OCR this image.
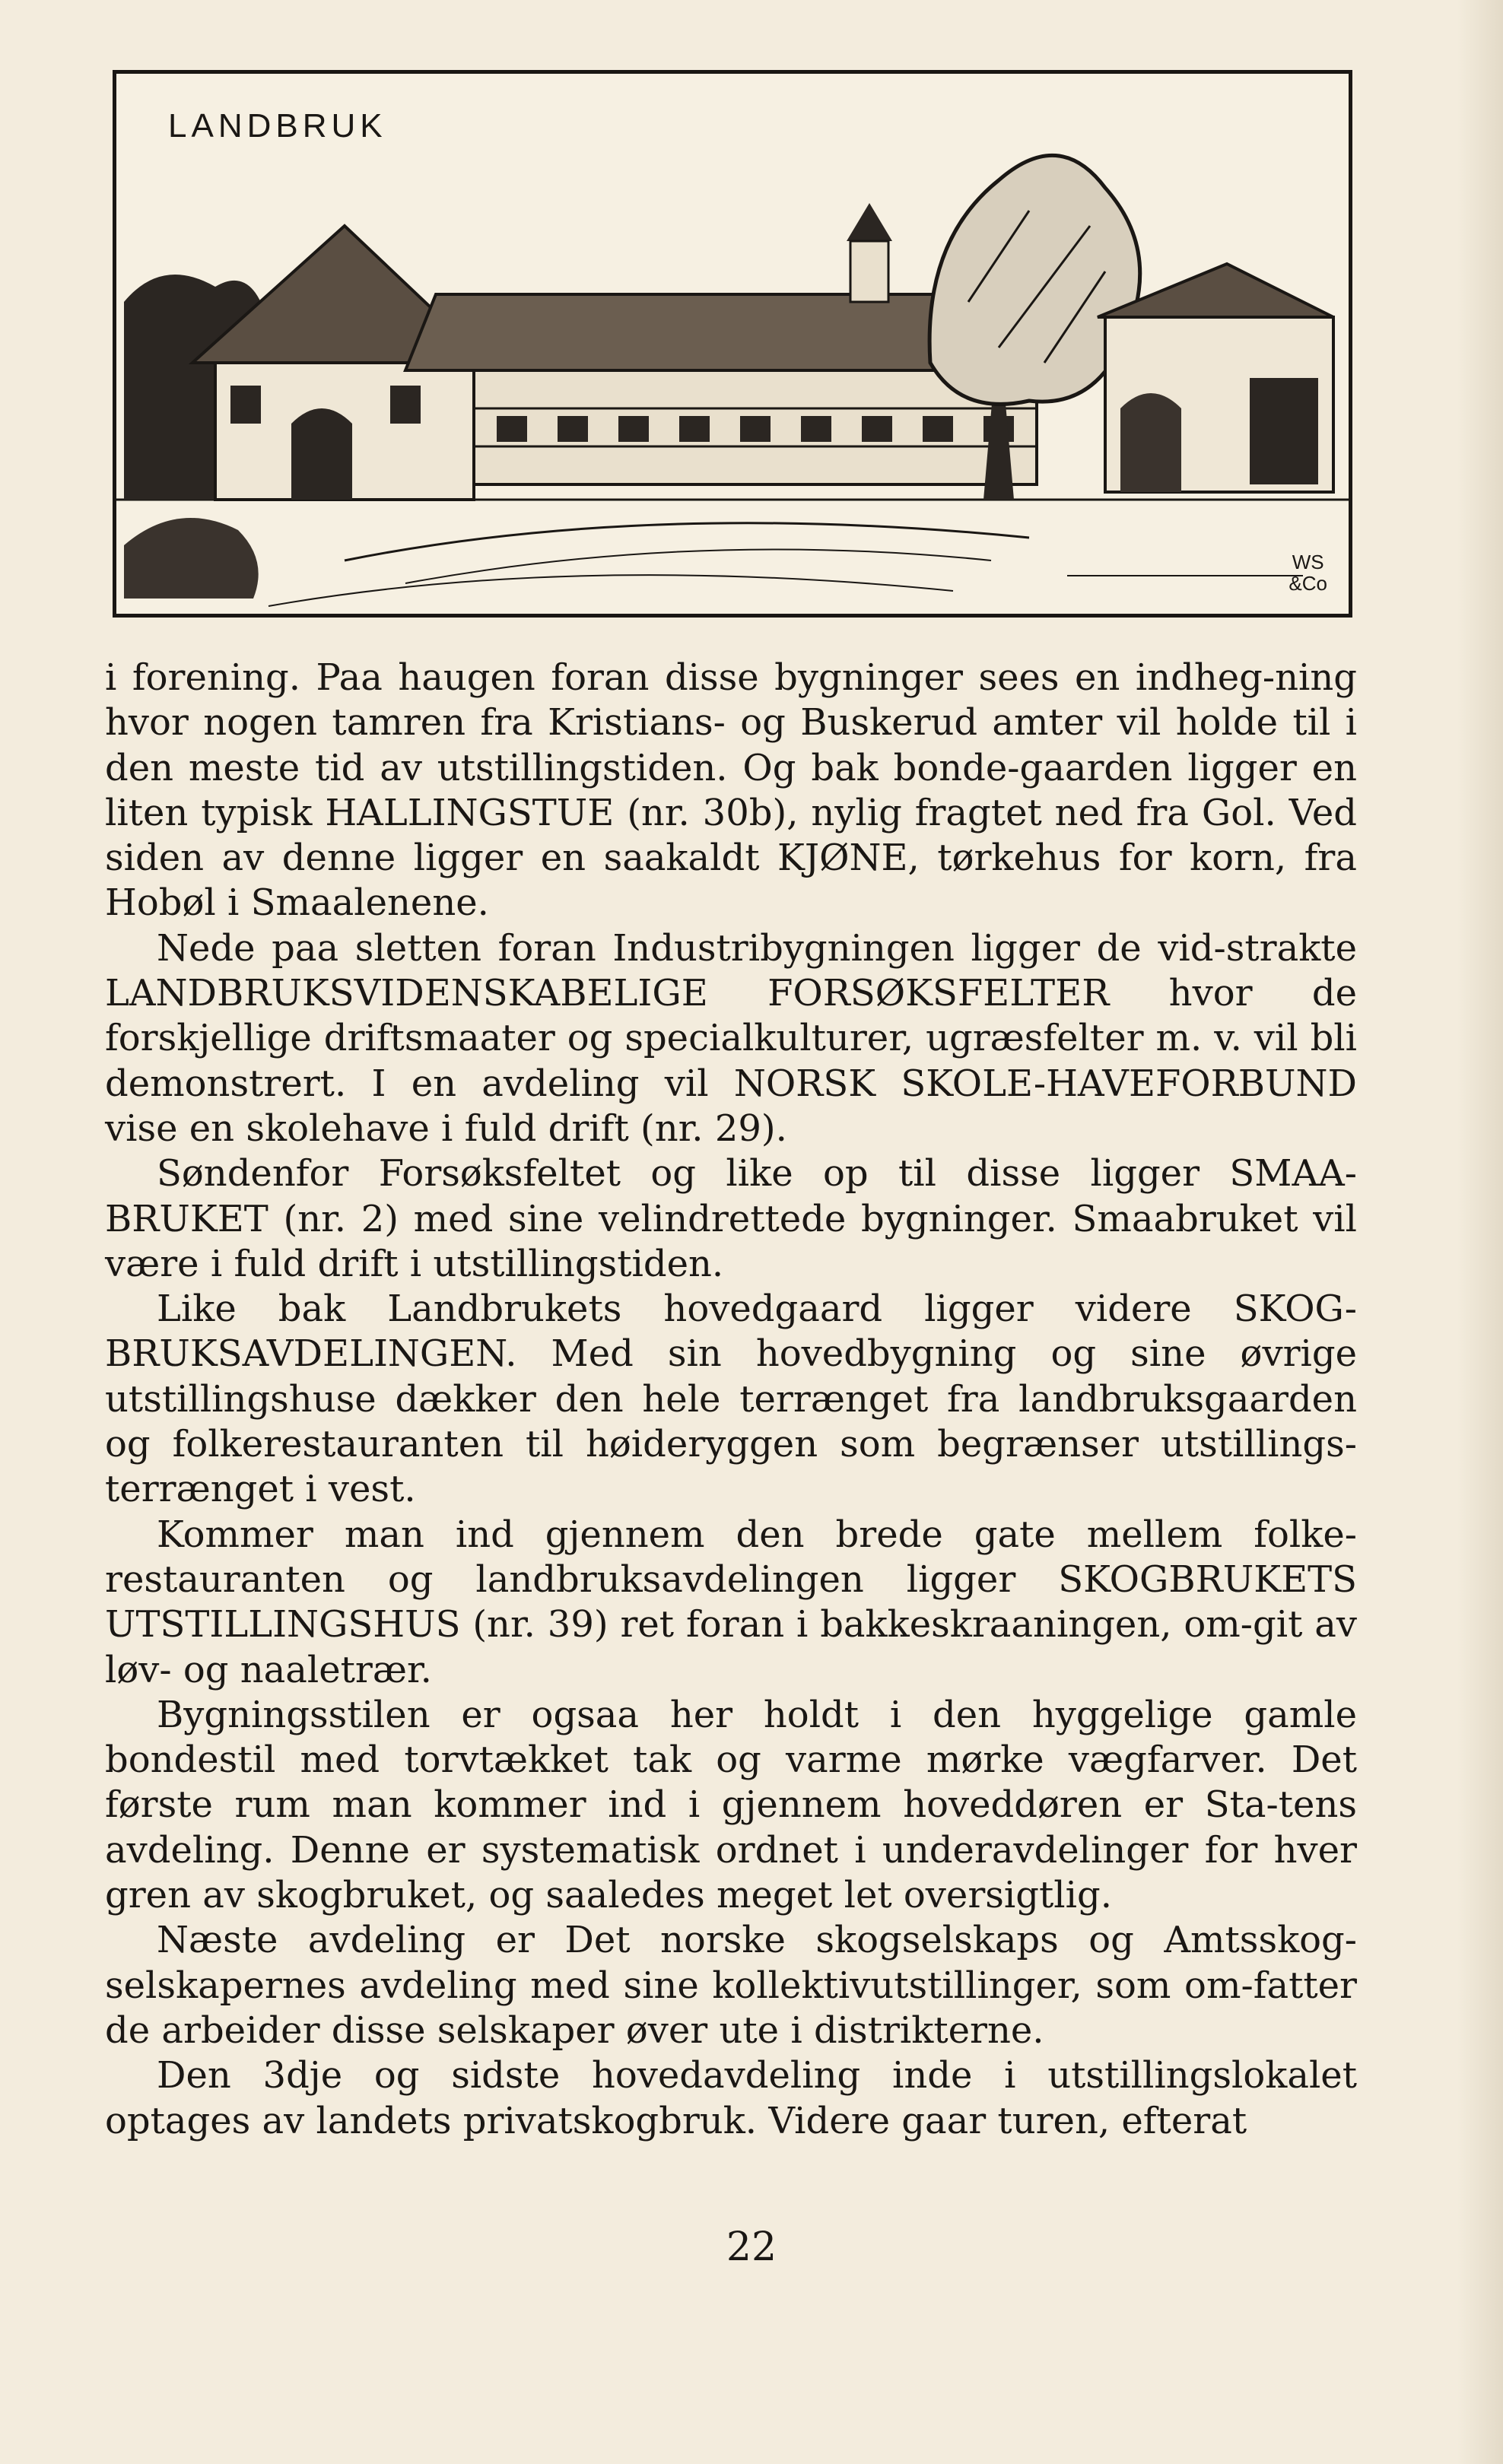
LANDBRUK
WS
&Co

i forening. Paa haugen foran disse bygninger sees en indheg‑ning hvor nogen tamren fra Kristians- og Buskerud amter vil holde til i den meste tid av utstillingstiden. Og bak bonde-gaarden ligger en liten typisk HALLINGSTUE (nr. 30b), nylig fragtet ned fra Gol. Ved siden av denne ligger en saakaldt KJØNE, tørkehus for korn, fra Hobøl i Smaalenene.

Nede paa sletten foran Industribygningen ligger de vid-strakte LANDBRUKSVIDENSKABELIGE FORSØKSFELTER hvor de forskjellige driftsmaater og specialkulturer, ugræsfelter m. v. vil bli demonstrert. I en avdeling vil NORSK SKOLE-HAVEFORBUND vise en skolehave i fuld drift (nr. 29).

Søndenfor Forsøksfeltet og like op til disse ligger SMAA-BRUKET (nr. 2) med sine velindrettede bygninger. Smaabruket vil være i fuld drift i utstillingstiden.

Like bak Landbrukets hovedgaard ligger videre SKOG-BRUKSAVDELINGEN. Med sin hovedbygning og sine øvrige utstillingshuse dækker den hele terrænget fra landbruksgaarden og folkerestauranten til høideryggen som begrænser utstillings-terrænget i vest.

Kommer man ind gjennem den brede gate mellem folke-restauranten og landbruksavdelingen ligger SKOGBRUKETS UTSTILLINGSHUS (nr. 39) ret foran i bakkeskraaningen, om-git av løv- og naaletrær.

Bygningsstilen er ogsaa her holdt i den hyggelige gamle bondestil med torvtækket tak og varme mørke vægfarver. Det første rum man kommer ind i gjennem hoveddøren er Sta-tens avdeling. Denne er systematisk ordnet i underavdelinger for hver gren av skogbruket, og saaledes meget let oversigtlig.

Næste avdeling er Det norske skogselskaps og Amtsskog-selskapernes avdeling med sine kollektivutstillinger, som om-fatter de arbeider disse selskaper øver ute i distrikterne.

Den 3dje og sidste hovedavdeling inde i utstillingslokalet optages av landets privatskogbruk. Videre gaar turen, efterat

22
